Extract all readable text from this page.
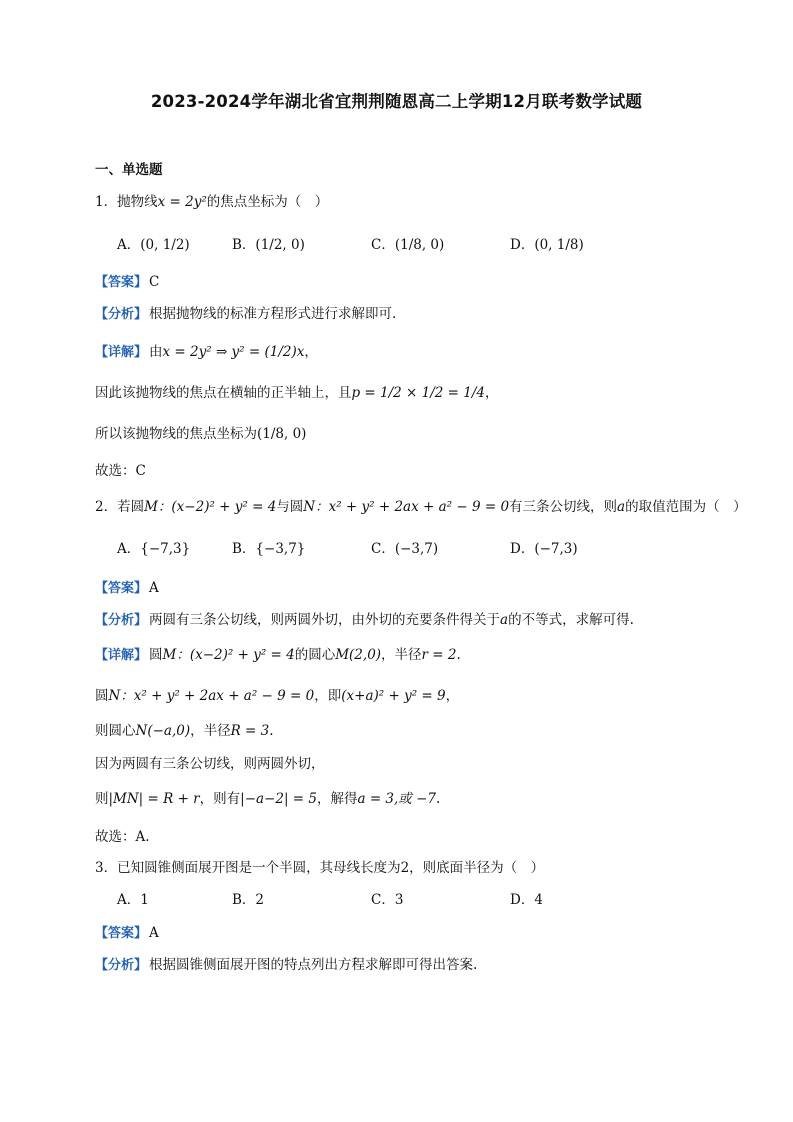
2023-2024学年湖北省宜荆荆随恩高二上学期12月联考数学试题
一、单选题
1．抛物线x = 2y²的焦点坐标为（　）
A．(0, 1/2)	B．(1/2, 0)	C．(1/8, 0)	D．(0, 1/8)
【答案】 C
【分析】 根据抛物线的标准方程形式进行求解即可.
【详解】 由x = 2y² ⇒ y² = (1/2)x，
因此该抛物线的焦点在横轴的正半轴上，且p = 1/2 × 1/2 = 1/4，
所以该抛物线的焦点坐标为(1/8, 0)
故选：C
2．若圆M：(x−2)² + y² = 4与圆N：x² + y² + 2ax + a² − 9 = 0有三条公切线，则a的取值范围为（　）
A．{−7,3}	B．{−3,7}	C．(−3,7)	D．(−7,3)
【答案】 A
【分析】 两圆有三条公切线，则两圆外切，由外切的充要条件得关于a的不等式，求解可得.
【详解】 圆M：(x−2)² + y² = 4的圆心M(2,0)，半径r = 2.
圆N：x² + y² + 2ax + a² − 9 = 0，即(x+a)² + y² = 9，
则圆心N(−a,0)，半径R = 3.
因为两圆有三条公切线，则两圆外切，
则|MN| = R + r，则有|−a−2| = 5，解得a = 3,或 −7.
故选：A.
3．已知圆锥侧面展开图是一个半圆，其母线长度为2，则底面半径为（　）
A．1	B．2	C．3	D．4
【答案】 A
【分析】 根据圆锥侧面展开图的特点列出方程求解即可得出答案.
